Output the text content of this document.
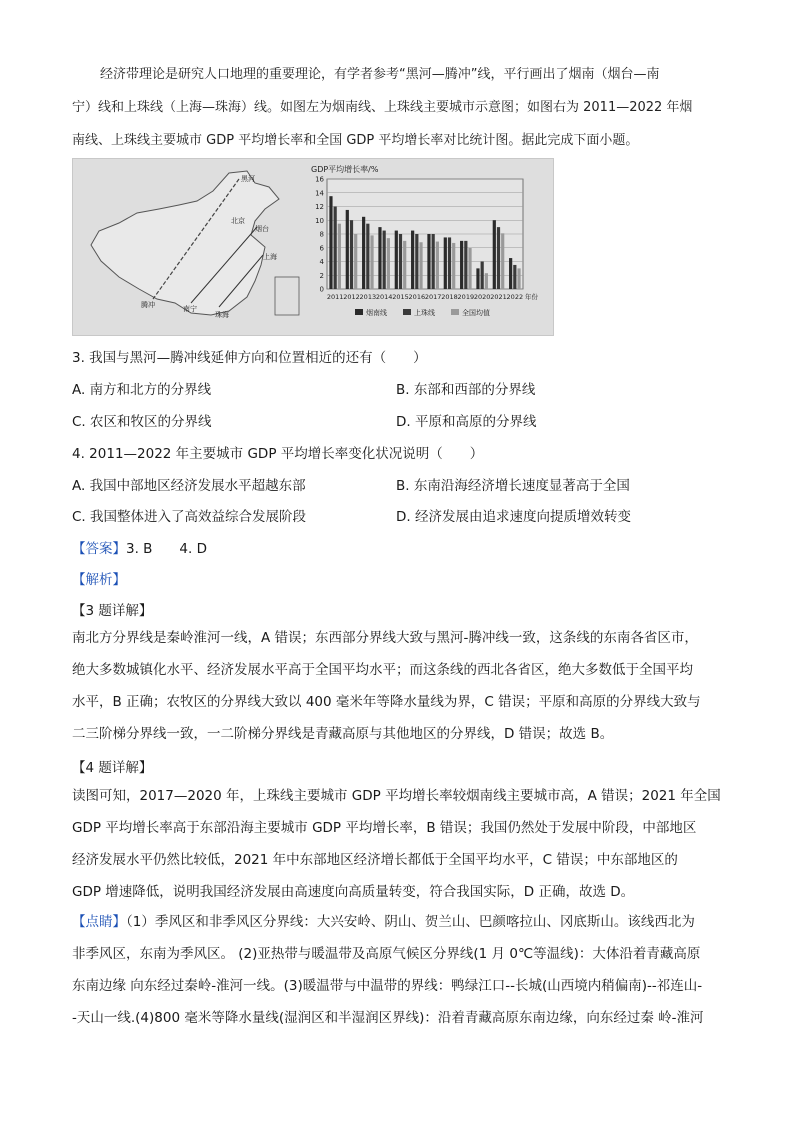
经济带理论是研究人口地理的重要理论，有学者参考“黑河—腾冲”线，平行画出了烟南（烟台—南

宁）线和上珠线（上海—珠海）线。如图左为烟南线、上珠线主要城市示意图；如图右为 2011—2022 年烟

南线、上珠线主要城市 GDP 平均增长率和全国 GDP 平均增长率对比统计图。据此完成下面小题。

黑河
北京
烟台
上海
南宁
珠海
腾冲
GDP平均增长率/%
0
2
4
6
8
10
12
14
16
2011 2012 2013 2014 2015 2016 2017 2018 2019 2020 2021 2022 年份
烟南线	上珠线	全国均值
3. 我国与黑河—腾冲线延伸方向和位置相近的还有（　　）
A. 南方和北方的分界线	B. 东部和西部的分界线
C. 农区和牧区的分界线	D. 平原和高原的分界线
4. 2011—2022 年主要城市 GDP 平均增长率变化状况说明（　　）
A. 我国中部地区经济发展水平超越东部	B. 东南沿海经济增长速度显著高于全国
C. 我国整体进入了高效益综合发展阶段	D. 经济发展由追求速度向提质增效转变
【答案】3. B　　4. D
【解析】
【3 题详解】

南北方分界线是秦岭淮河一线，A 错误；东西部分界线大致与黑河-腾冲线一致，这条线的东南各省区市，

绝大多数城镇化水平、经济发展水平高于全国平均水平；而这条线的西北各省区，绝大多数低于全国平均

水平，B 正确；农牧区的分界线大致以 400 毫米年等降水量线为界，C 错误；平原和高原的分界线大致与

二三阶梯分界线一致，一二阶梯分界线是青藏高原与其他地区的分界线，D 错误；故选 B。

【4 题详解】

读图可知，2017—2020 年，上珠线主要城市 GDP 平均增长率较烟南线主要城市高，A 错误；2021 年全国

GDP 平均增长率高于东部沿海主要城市 GDP 平均增长率，B 错误；我国仍然处于发展中阶段，中部地区

经济发展水平仍然比较低，2021 年中东部地区经济增长都低于全国平均水平，C 错误；中东部地区的

GDP 增速降低，说明我国经济发展由高速度向高质量转变，符合我国实际，D 正确，故选 D。

【点睛】（1）季风区和非季风区分界线：大兴安岭、阴山、贺兰山、巴颜喀拉山、冈底斯山。该线西北为

非季风区，东南为季风区。 (2)亚热带与暖温带及高原气候区分界线(1 月 0℃等温线)：大体沿着青藏高原

东南边缘 向东经过秦岭-淮河一线。(3)暖温带与中温带的界线：鸭绿江口--长城(山西境内稍偏南)--祁连山-

-天山一线.(4)800 毫米等降水量线(湿润区和半湿润区界线)：沿着青藏高原东南边缘，向东经过秦 岭-淮河
